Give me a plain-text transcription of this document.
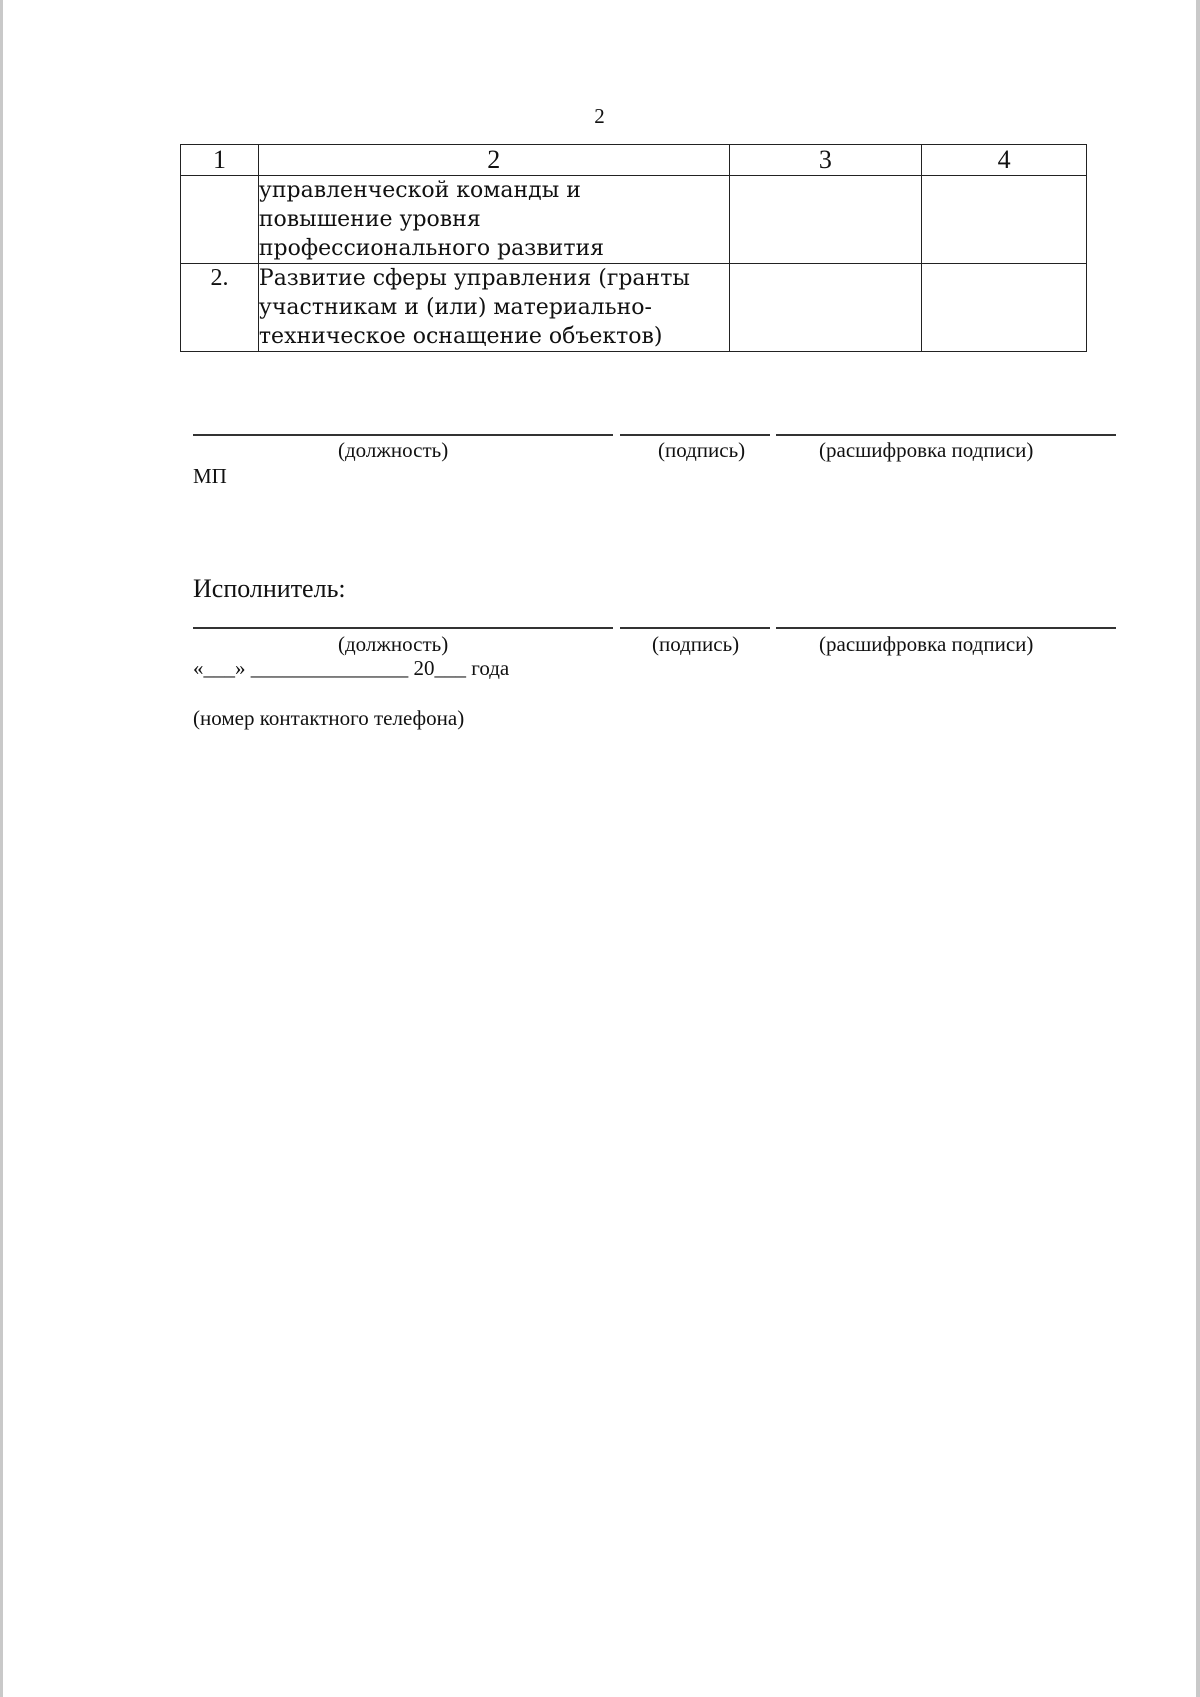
2
1	2	3	4

	управленческой команды и
повышение уровня
профессионального развития		

2.	Развитие сферы управления (гранты
участникам и (или) материально-
техническое оснащение объектов)		

(должность)	(подпись)	(расшифровка подписи)
МП
Исполнитель:
(должность)	(подпись)	(расшифровка подписи)
«___» _______________ 20___ года
(номер контактного телефона)
